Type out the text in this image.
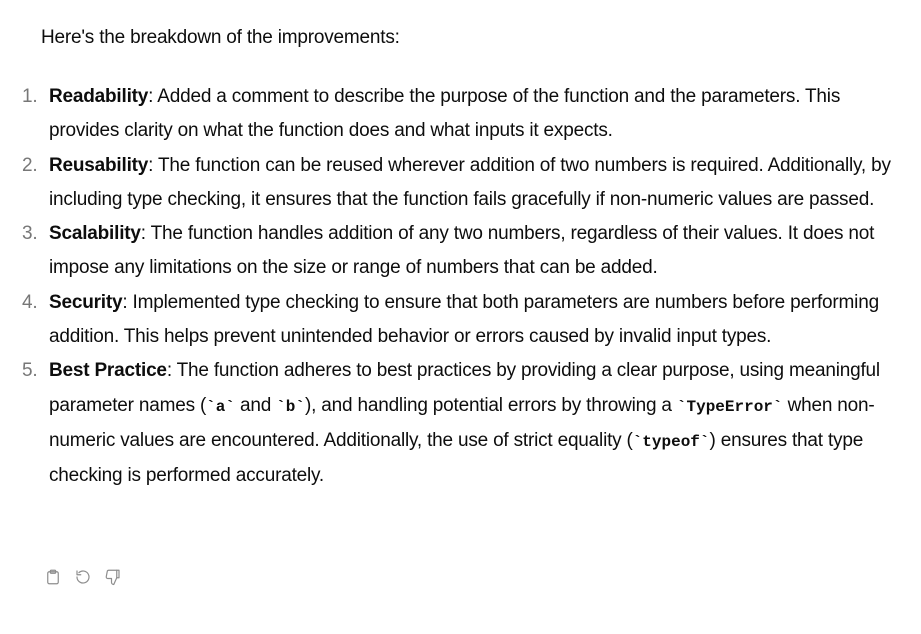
Here's the breakdown of the improvements:

1. Readability: Added a comment to describe the purpose of the function and the parameters. This provides clarity on what the function does and what inputs it expects.
2. Reusability: The function can be reused wherever addition of two numbers is required. Additionally, by including type checking, it ensures that the function fails gracefully if non-numeric values are passed.
3. Scalability: The function handles addition of any two numbers, regardless of their values. It does not impose any limitations on the size or range of numbers that can be added.
4. Security: Implemented type checking to ensure that both parameters are numbers before performing addition. This helps prevent unintended behavior or errors caused by invalid input types.
5. Best Practice: The function adheres to best practices by providing a clear purpose, using meaningful parameter names (`a` and `b`), and handling potential errors by throwing a `TypeError` when non-numeric values are encountered. Additionally, the use of strict equality (`typeof`) ensures that type checking is performed accurately.
